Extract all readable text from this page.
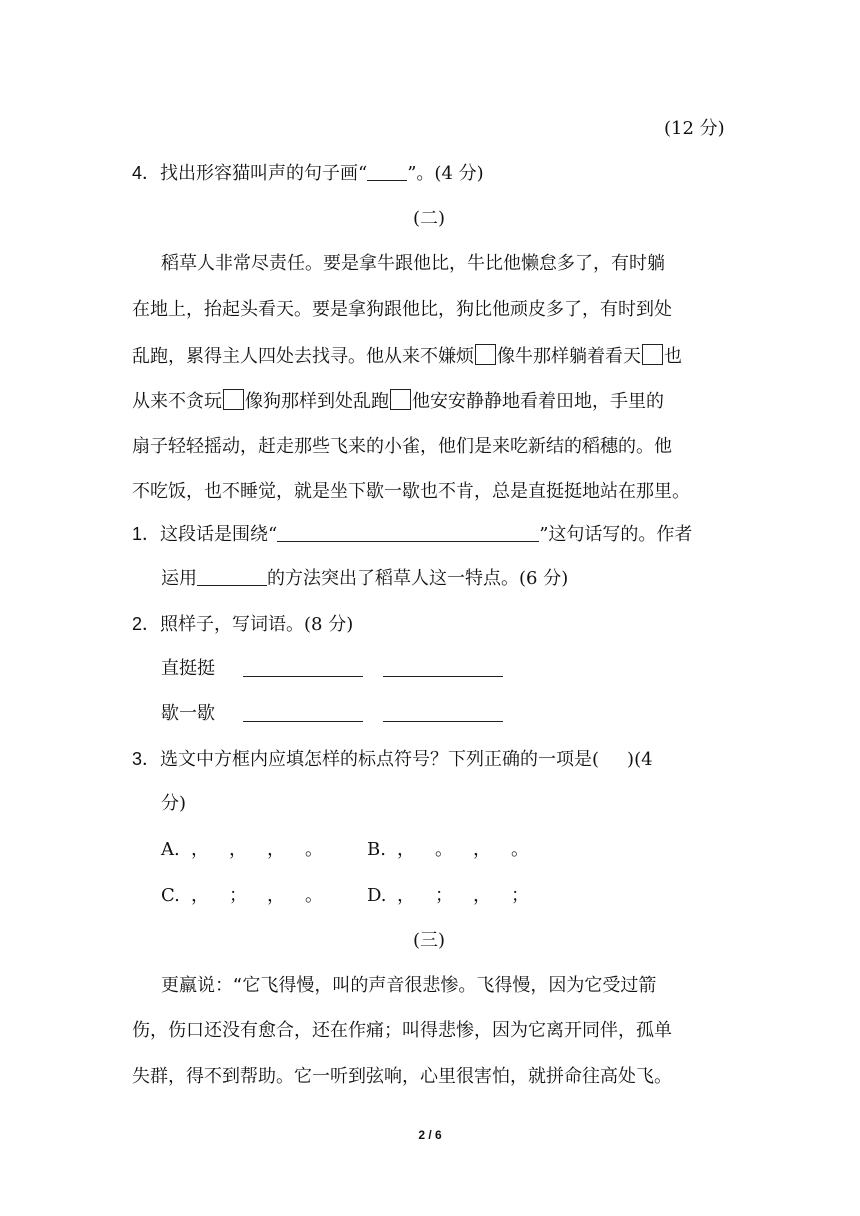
(12 分)
4．找出形容猫叫声的句子画“ ”。(4 分)
(二)
稻草人非常尽责任。要是拿牛跟他比，牛比他懒怠多了，有时躺
在地上，抬起头看天。要是拿狗跟他比，狗比他顽皮多了，有时到处
乱跑，累得主人四处去找寻。他从来不嫌烦 像牛那样躺着看天 也
从来不贪玩 像狗那样到处乱跑 他安安静静地看着田地，手里的
扇子轻轻摇动，赶走那些飞来的小雀，他们是来吃新结的稻穗的。他
不吃饭，也不睡觉，就是坐下歇一歇也不肯，总是直挺挺地站在那里。
1．这段话是围绕“	”这句话写的。作者
运用	的方法突出了稻草人这一特点。(6 分)
2．照样子，写词语。(8 分)
直挺挺
歇一歇
3．选文中方框内应填怎样的标点符号？下列正确的一项是( )(4
分)
A. ， ， ， 。	B. ， 。 ， 。
C. ， ； ， 。	D. ， ； ， ；
(三)
更羸说：“它飞得慢，叫的声音很悲惨。飞得慢，因为它受过箭
伤，伤口还没有愈合，还在作痛；叫得悲惨，因为它离开同伴，孤单
失群，得不到帮助。它一听到弦响，心里很害怕，就拼命往高处飞。
2 / 6
